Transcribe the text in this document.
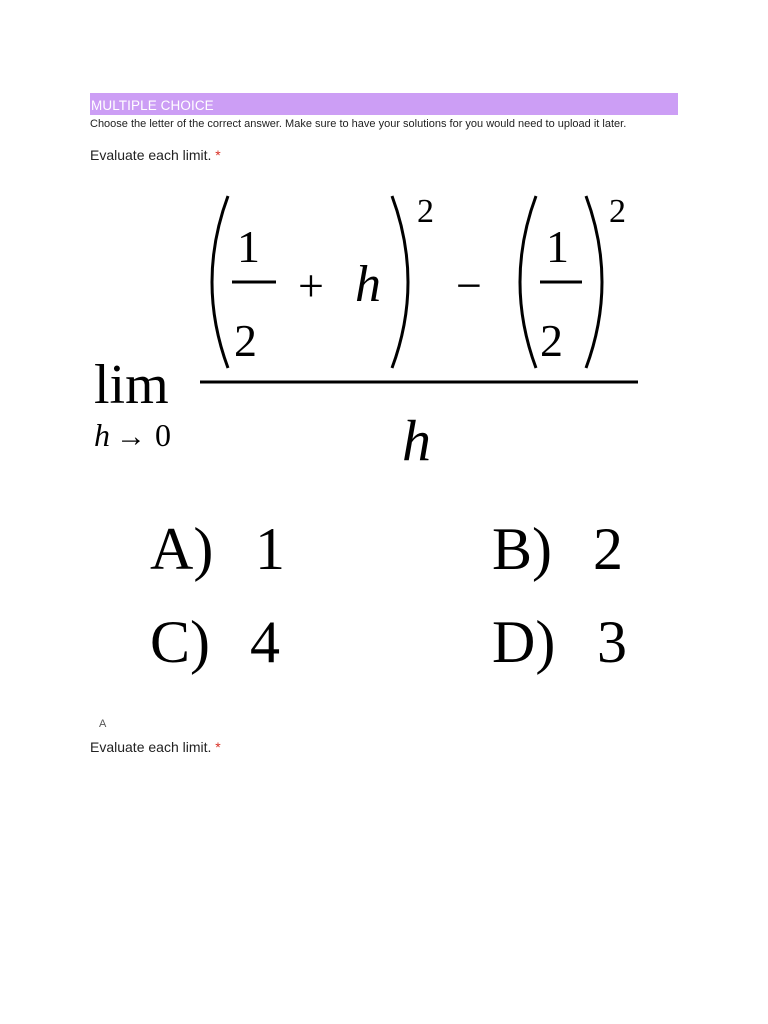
MULTIPLE CHOICE
Choose the letter of the correct answer. Make sure to have your solutions for you would need to upload it later.
Evaluate each limit. *
1
2
+ h
2
−
1
2
2
lim
h → 0	h
A) 1	B) 2
C) 4	D) 3
A
Evaluate each limit. *
